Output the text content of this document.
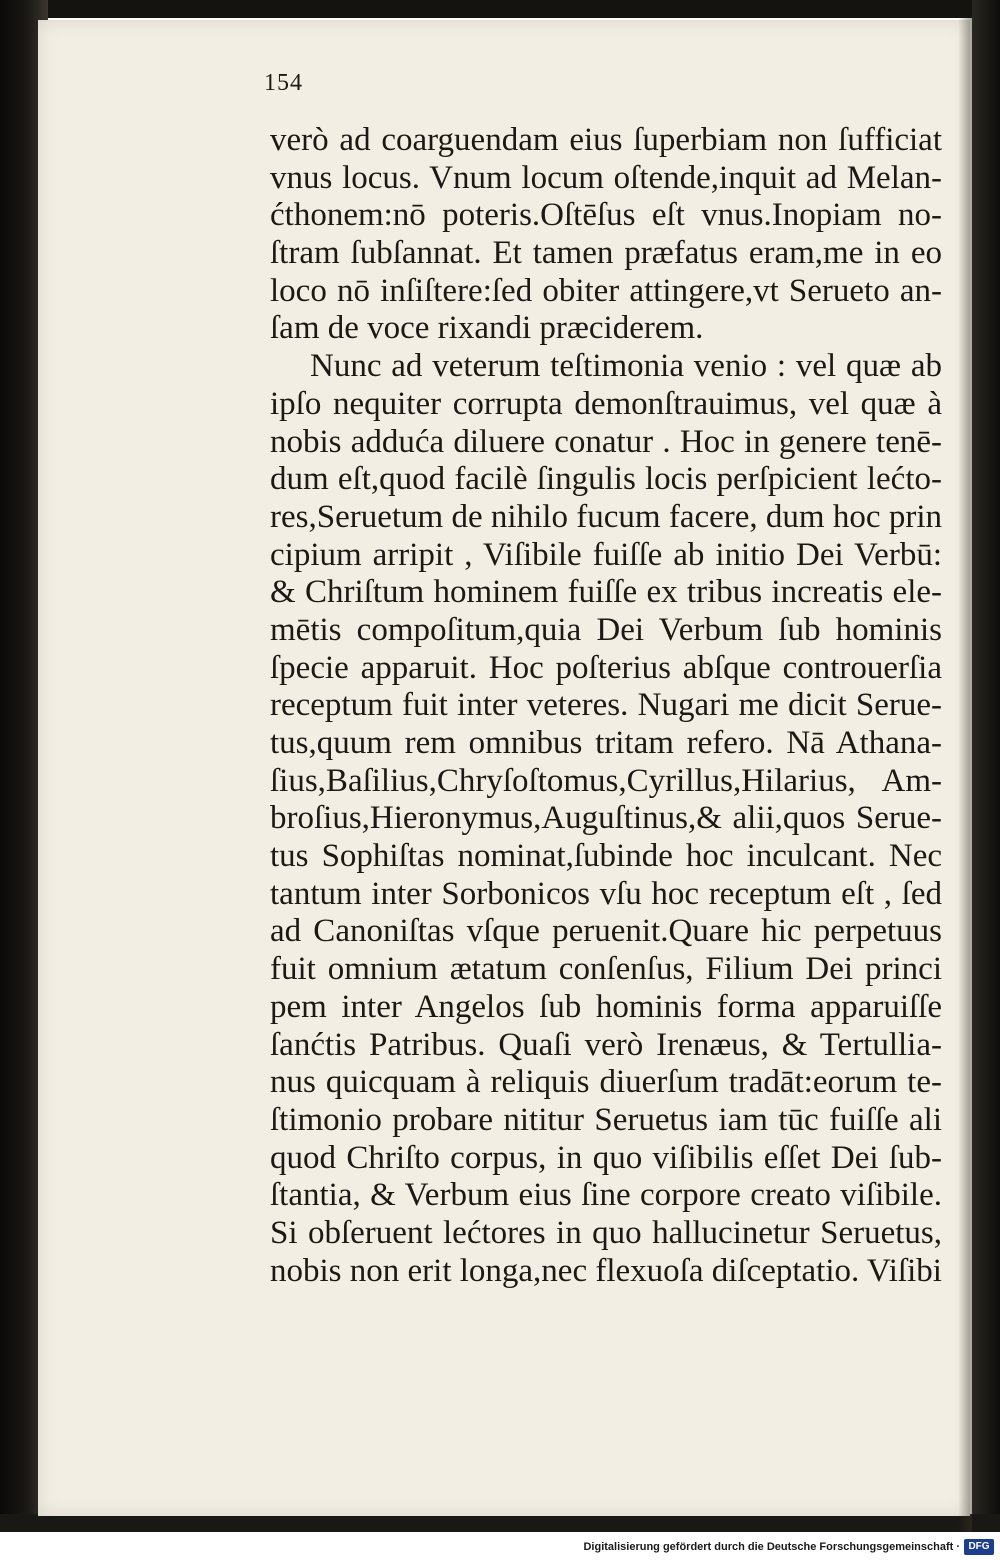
154
verò ad coarguendam eius ſuperbiam non ſufficiat
vnus locus. Vnum locum oſtende,inquit ad Melan-
ćthonem:nō poteris.Oſtēſus eſt vnus.Inopiam no-
ſtram ſubſannat. Et tamen præfatus eram,me in eo
loco nō inſiſtere:ſed obiter attingere,vt Serueto an-
ſam de voce rixandi præciderem.
Nunc ad veterum teſtimonia venio : vel quæ ab
ipſo nequiter corrupta demonſtrauimus, vel quæ à
nobis adduća diluere conatur . Hoc in genere tenē-
dum eſt,quod facilè ſingulis locis perſpicient lećto-
res,Seruetum de nihilo fucum facere, dum hoc prin
cipium arripit , Viſibile fuiſſe ab initio Dei Verbū:
& Chriſtum hominem fuiſſe ex tribus increatis ele-
mētis compoſitum,quia Dei Verbum ſub hominis
ſpecie apparuit. Hoc poſterius abſque controuerſia
receptum fuit inter veteres. Nugari me dicit Serue-
tus,quum rem omnibus tritam refero. Nā Athana-
ſius,Baſilius,Chryſoſtomus,Cyrillus,Hilarius, Am-
broſius,Hieronymus,Auguſtinus,& alii,quos Serue-
tus Sophiſtas nominat,ſubinde hoc inculcant. Nec
tantum inter Sorbonicos vſu hoc receptum eſt , ſed
ad Canoniſtas vſque peruenit.Quare hic perpetuus
fuit omnium ætatum conſenſus, Filium Dei princi
pem inter Angelos ſub hominis forma apparuiſſe
ſanćtis Patribus. Quaſi verò Irenæus, & Tertullia-
nus quicquam à reliquis diuerſum tradāt:eorum te-
ſtimonio probare nititur Seruetus iam tūc fuiſſe ali
quod Chriſto corpus, in quo viſibilis eſſet Dei ſub-
ſtantia, & Verbum eius ſine corpore creato viſibile.
Si obſeruent lećtores in quo hallucinetur Seruetus,
nobis non erit longa,nec flexuoſa diſceptatio. Viſibi
Digitalisierung gefördert durch die Deutsche Forschungsgemeinschaft · DFG
